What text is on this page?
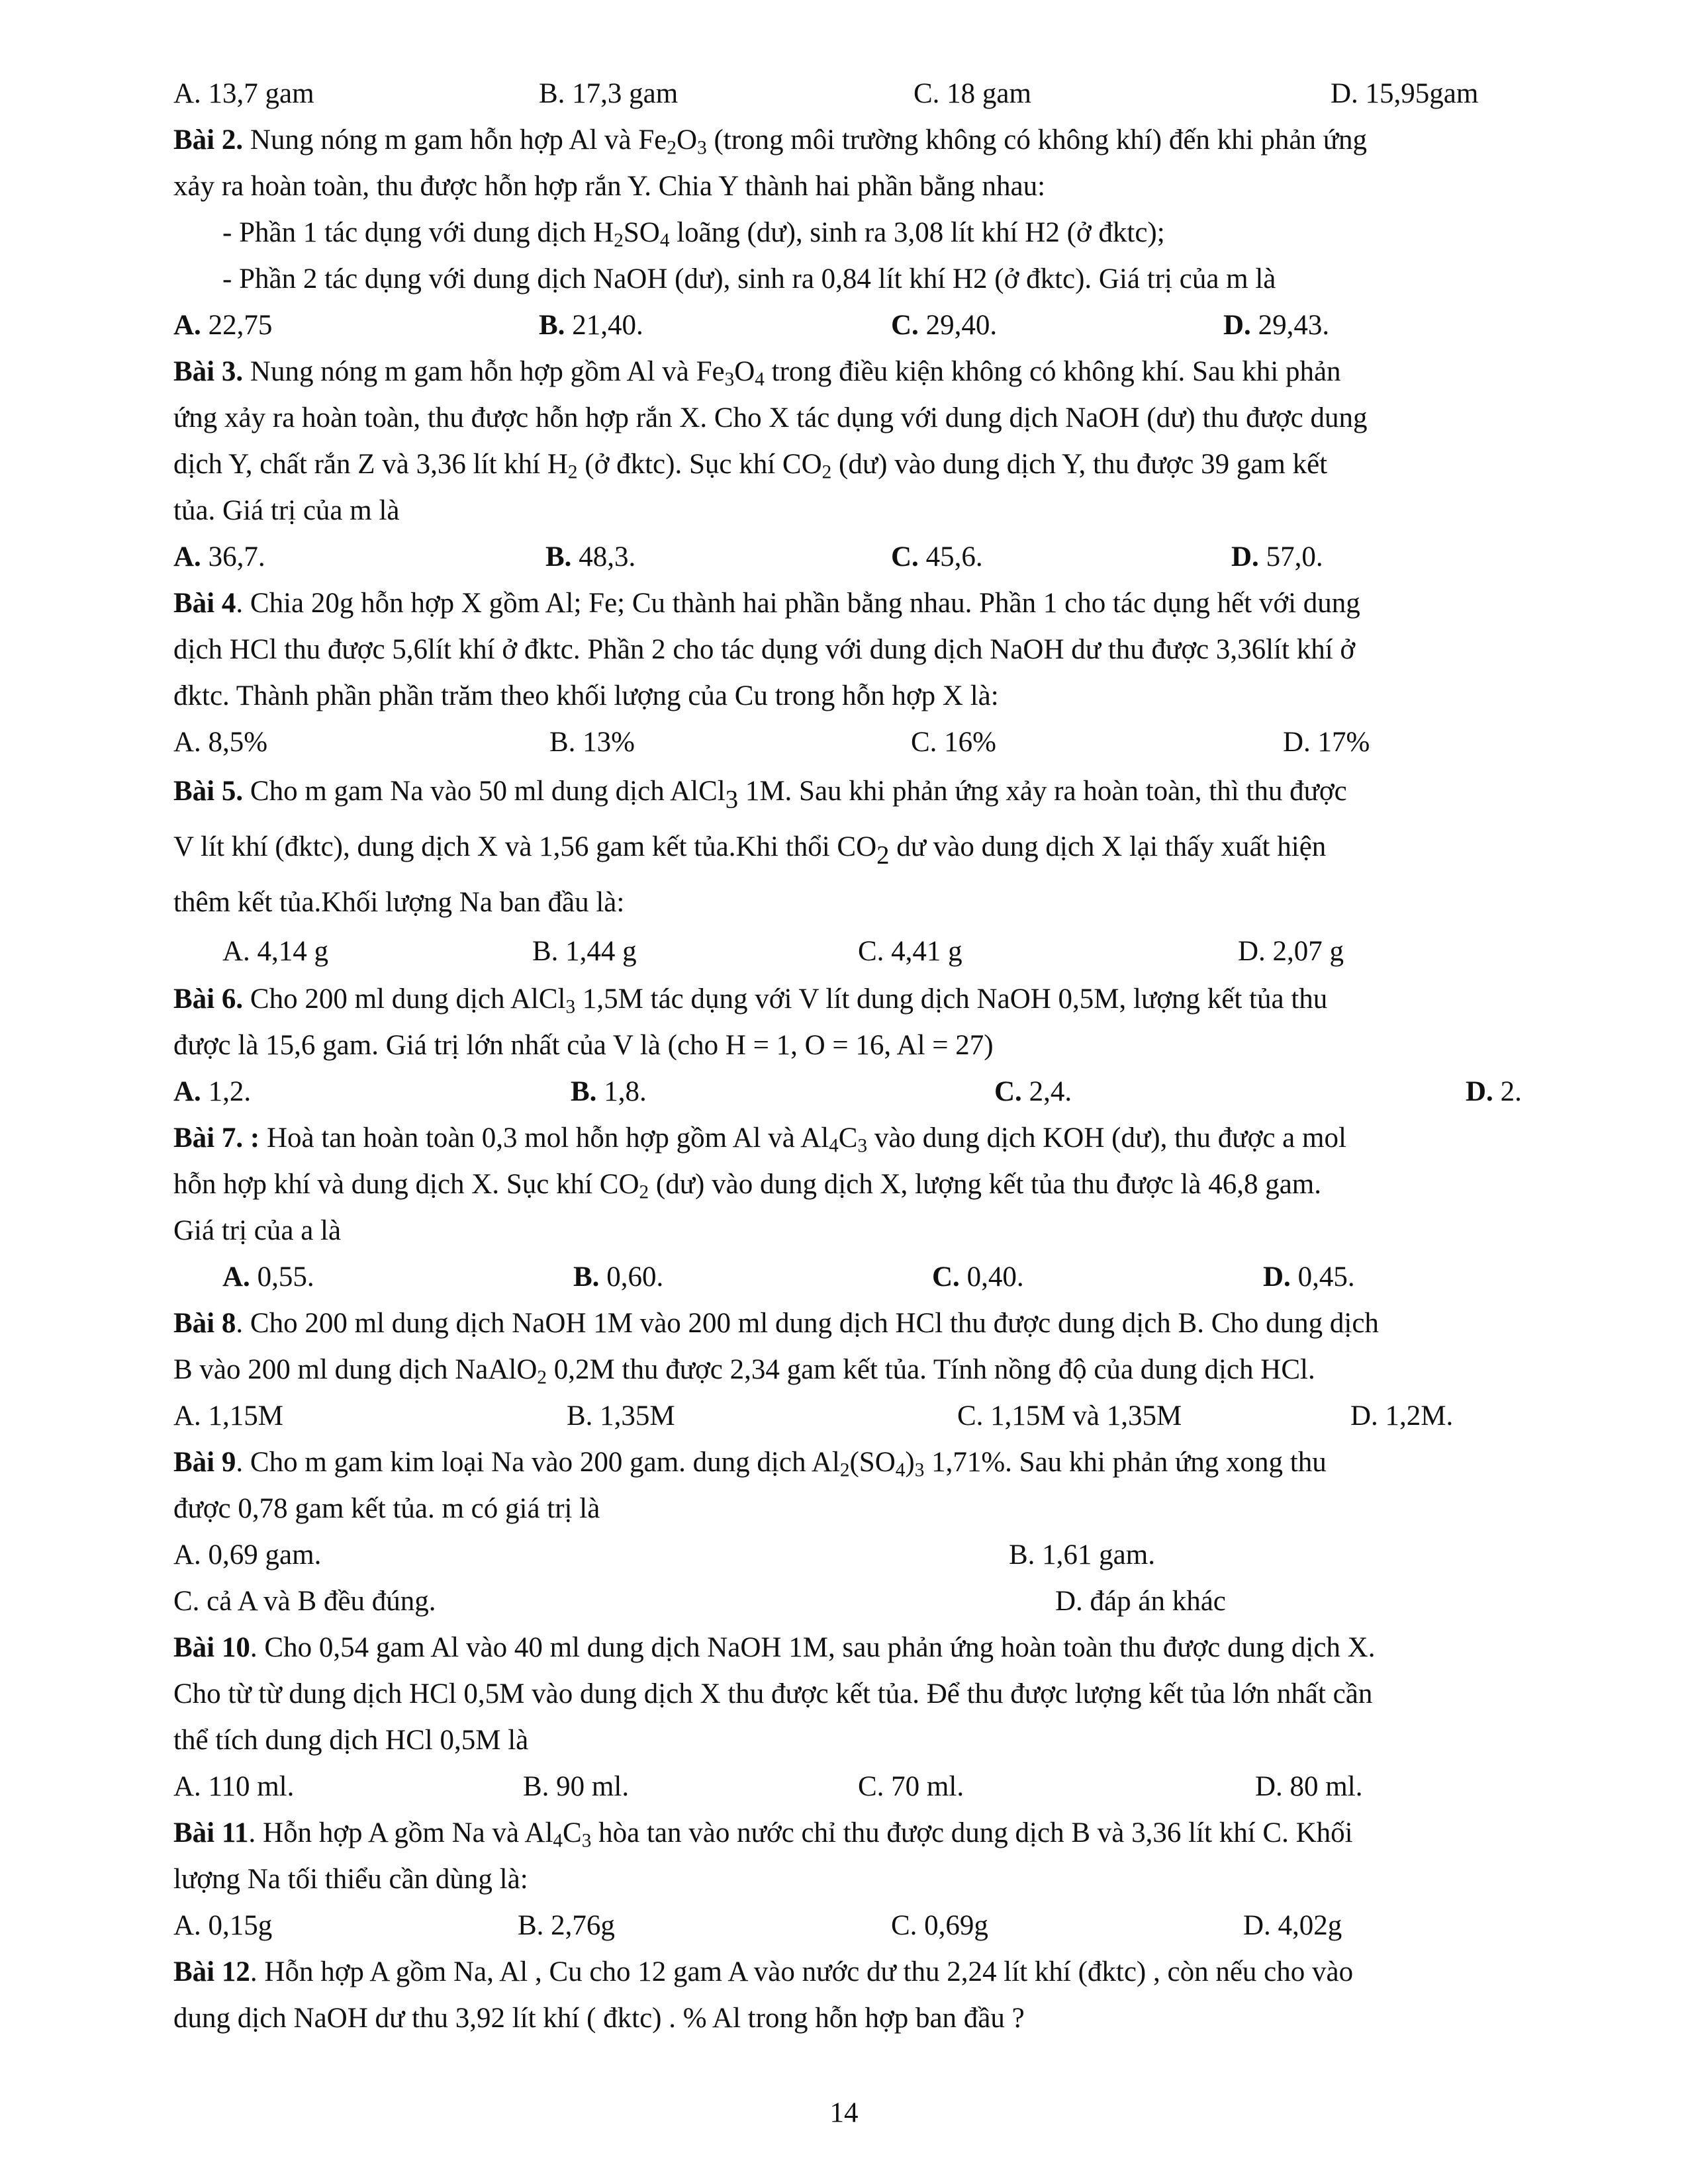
A. 13,7 gam	B. 17,3 gam	C. 18 gam	D. 15,95gam
Bài 2. Nung nóng m gam hỗn hợp Al và $Fe_2O_3$ (trong môi trường không có không khí) đến khi phản ứng
xảy ra hoàn toàn, thu được hỗn hợp rắn Y. Chia Y thành hai phần bằng nhau:
- Phần 1 tác dụng với dung dịch $H_2SO_4$ loãng (dư), sinh ra 3,08 lít khí H2 (ở đktc);
- Phần 2 tác dụng với dung dịch NaOH (dư), sinh ra 0,84 lít khí H2 (ở đktc). Giá trị của m là
A. 22,75	B. 21,40.	C. 29,40.	D. 29,43.
Bài 3. Nung nóng m gam hỗn hợp gồm Al và $Fe_3O_4$ trong điều kiện không có không khí. Sau khi phản
ứng xảy ra hoàn toàn, thu được hỗn hợp rắn X. Cho X tác dụng với dung dịch NaOH (dư) thu được dung
dịch Y, chất rắn Z và 3,36 lít khí $H_2$ (ở đktc). Sục khí $CO_2$ (dư) vào dung dịch Y, thu được 39 gam kết
tủa. Giá trị của m là
A. 36,7.	B. 48,3.	C. 45,6.	D. 57,0.
Bài 4. Chia 20g hỗn hợp X gồm Al; Fe; Cu thành hai phần bằng nhau. Phần 1 cho tác dụng hết với dung
dịch HCl thu được 5,6lít khí ở đktc. Phần 2 cho tác dụng với dung dịch NaOH dư thu được 3,36lít khí ở
đktc. Thành phần phần trăm theo khối lượng của Cu trong hỗn hợp X là:
A. 8,5%	B. 13%	C. 16%	D. 17%
Bài 5. Cho m gam Na vào 50 ml dung dịch AlCl$_3$ 1M. Sau khi phản ứng xảy ra hoàn toàn, thì thu được
V lít khí (đktc), dung dịch X và 1,56 gam kết tủa.Khi thổi $CO_2$ dư vào dung dịch X lại thấy xuất hiện
thêm kết tủa.Khối lượng Na ban đầu là:
A. 4,14 g	B. 1,44 g	C. 4,41 g	D. 2,07 g
Bài 6. Cho 200 ml dung dịch AlCl$_3$ 1,5M tác dụng với V lít dung dịch NaOH 0,5M, lượng kết tủa thu
được là 15,6 gam. Giá trị lớn nhất của V là (cho H = 1, O = 16, Al = 27)
A. 1,2.	B. 1,8.	C. 2,4.	D. 2.
Bài 7. : Hoà tan hoàn toàn 0,3 mol hỗn hợp gồm Al và $Al_4C_3$ vào dung dịch KOH (dư), thu được a mol
hỗn hợp khí và dung dịch X. Sục khí $CO_2$ (dư) vào dung dịch X, lượng kết tủa thu được là 46,8 gam.
Giá trị của a là
A. 0,55.	B. 0,60.	C. 0,40.	D. 0,45.
Bài 8. Cho 200 ml dung dịch NaOH 1M vào 200 ml dung dịch HCl thu được dung dịch B. Cho dung dịch
B vào 200 ml dung dịch NaAlO$_2$ 0,2M thu được 2,34 gam kết tủa. Tính nồng độ của dung dịch HCl.
A. 1,15M	B. 1,35M	C. 1,15M và 1,35M	D. 1,2M.
Bài 9. Cho m gam kim loại Na vào 200 gam. dung dịch $Al_2(SO_4)_3$ 1,71%. Sau khi phản ứng xong thu
được 0,78 gam kết tủa. m có giá trị là
A. 0,69 gam.	B. 1,61 gam.
C. cả A và B đều đúng.	D. đáp án khác
Bài 10. Cho 0,54 gam Al vào 40 ml dung dịch NaOH 1M, sau phản ứng hoàn toàn thu được dung dịch X.
Cho từ từ dung dịch HCl 0,5M vào dung dịch X thu được kết tủa. Để thu được lượng kết tủa lớn nhất cần
thể tích dung dịch HCl 0,5M là
A. 110 ml.	B. 90 ml.	C. 70 ml.	D. 80 ml.
Bài 11. Hỗn hợp A gồm Na và $Al_4C_3$ hòa tan vào nước chỉ thu được dung dịch B và 3,36 lít khí C. Khối
lượng Na tối thiểu cần dùng là:
A. 0,15g	B. 2,76g	C. 0,69g	D. 4,02g
Bài 12. Hỗn hợp A gồm Na, Al , Cu cho 12 gam A vào nước dư thu 2,24 lít khí (đktc) , còn nếu cho vào
dung dịch NaOH dư thu 3,92 lít khí ( đktc) . % Al trong hỗn hợp ban đầu ?
14
